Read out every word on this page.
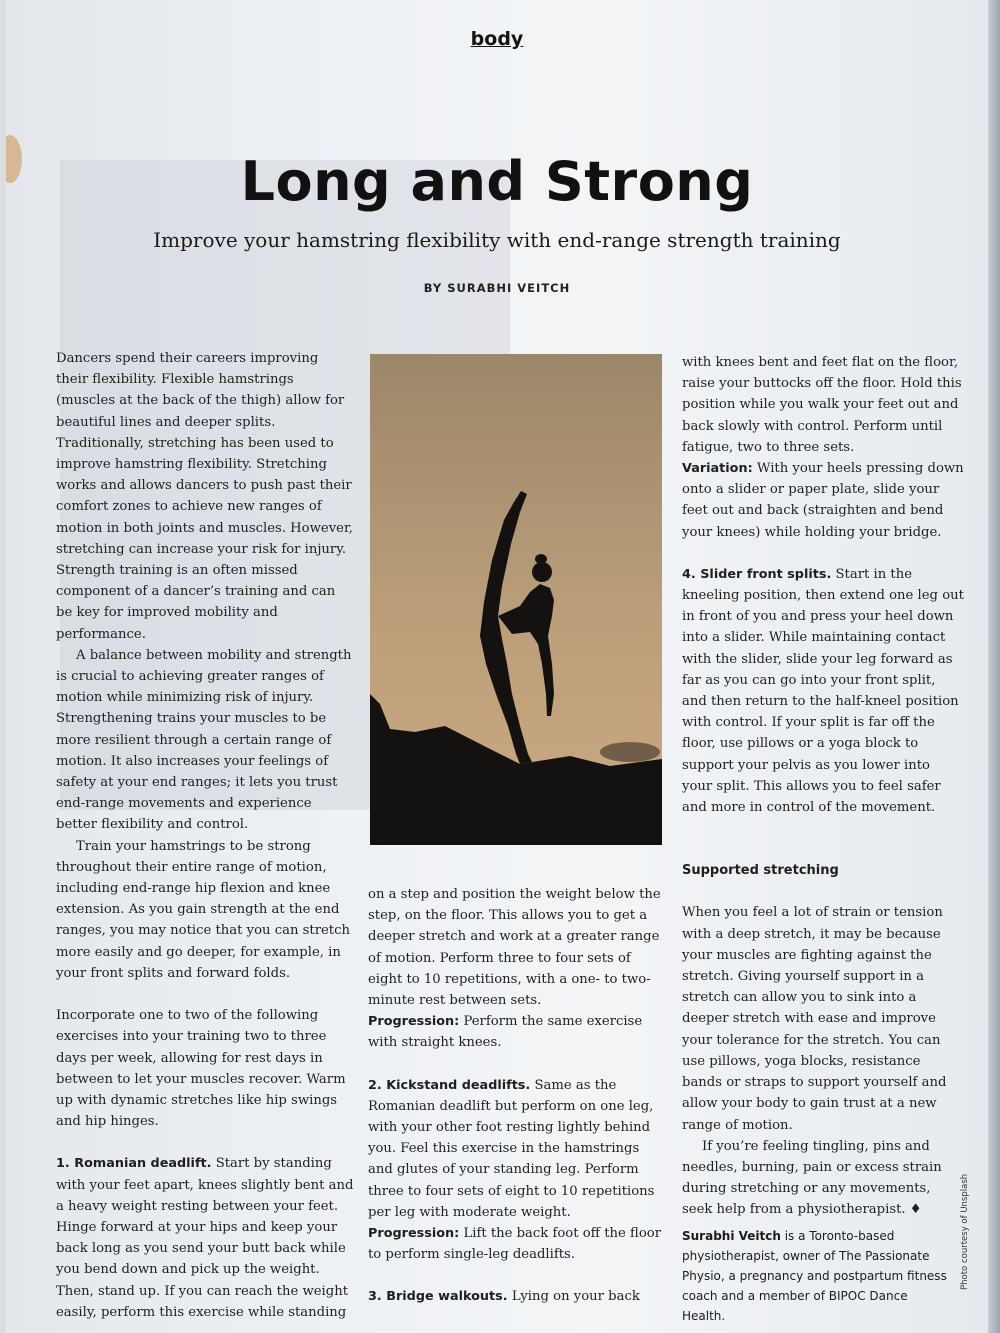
body
Long and Strong
Improve your hamstring flexibility with end-range strength training
BY SURABHI VEITCH

Dancers spend their careers improving their flexibility. Flexible hamstrings (muscles at the back of the thigh) allow for beautiful lines and deeper splits. Traditionally, stretching has been used to improve hamstring flexibility. Stretching works and allows dancers to push past their comfort zones to achieve new ranges of motion in both joints and muscles. However, stretching can increase your risk for injury. Strength training is an often missed component of a dancer’s training and can be key for improved mobility and performance.

A balance between mobility and strength is crucial to achieving greater ranges of motion while minimizing risk of injury. Strengthening trains your muscles to be more resilient through a certain range of motion. It also increases your feelings of safety at your end ranges; it lets you trust end-range movements and experience better flexibility and control.

Train your hamstrings to be strong throughout their entire range of motion, including end-range hip flexion and knee extension. As you gain strength at the end ranges, you may notice that you can stretch more easily and go deeper, for example, in your front splits and forward folds.

Incorporate one to two of the following exercises into your training two to three days per week, allowing for rest days in between to let your muscles recover. Warm up with dynamic stretches like hip swings and hip hinges.

1. Romanian deadlift. Start by standing with your feet apart, knees slightly bent and a heavy weight resting between your feet. Hinge forward at your hips and keep your back long as you send your butt back while you bend down and pick up the weight. Then, stand up. If you can reach the weight easily, perform this exercise while standing

on a step and position the weight below the step, on the floor. This allows you to get a deeper stretch and work at a greater range of motion. Perform three to four sets of eight to 10 repetitions, with a one- to two-minute rest between sets.

Progression: Perform the same exercise with straight knees.

2. Kickstand deadlifts. Same as the Romanian deadlift but perform on one leg, with your other foot resting lightly behind you. Feel this exercise in the hamstrings and glutes of your standing leg. Perform three to four sets of eight to 10 repetitions per leg with moderate weight.

Progression: Lift the back foot off the floor to perform single-leg deadlifts.

3. Bridge walkouts. Lying on your back

with knees bent and feet flat on the floor, raise your buttocks off the floor. Hold this position while you walk your feet out and back slowly with control. Perform until fatigue, two to three sets.

Variation: With your heels pressing down onto a slider or paper plate, slide your feet out and back (straighten and bend your knees) while holding your bridge.

4. Slider front splits. Start in the kneeling position, then extend one leg out in front of you and press your heel down into a slider. While maintaining contact with the slider, slide your leg forward as far as you can go into your front split, and then return to the half-kneel position with control. If your split is far off the floor, use pillows or a yoga block to support your pelvis as you lower into your split. This allows you to feel safer and more in control of the movement.

Supported stretching

When you feel a lot of strain or tension with a deep stretch, it may be because your muscles are fighting against the stretch. Giving yourself support in a stretch can allow you to sink into a deeper stretch with ease and improve your tolerance for the stretch. You can use pillows, yoga blocks, resistance bands or straps to support yourself and allow your body to gain trust at a new range of motion.

If you’re feeling tingling, pins and needles, burning, pain or excess strain during stretching or any movements, seek help from a physiotherapist. ♦

Surabhi Veitch is a Toronto-based physiotherapist, owner of The Passionate Physio, a pregnancy and postpartum fitness coach and a member of BIPOC Dance Health.
Photo courtesy of Unsplash
